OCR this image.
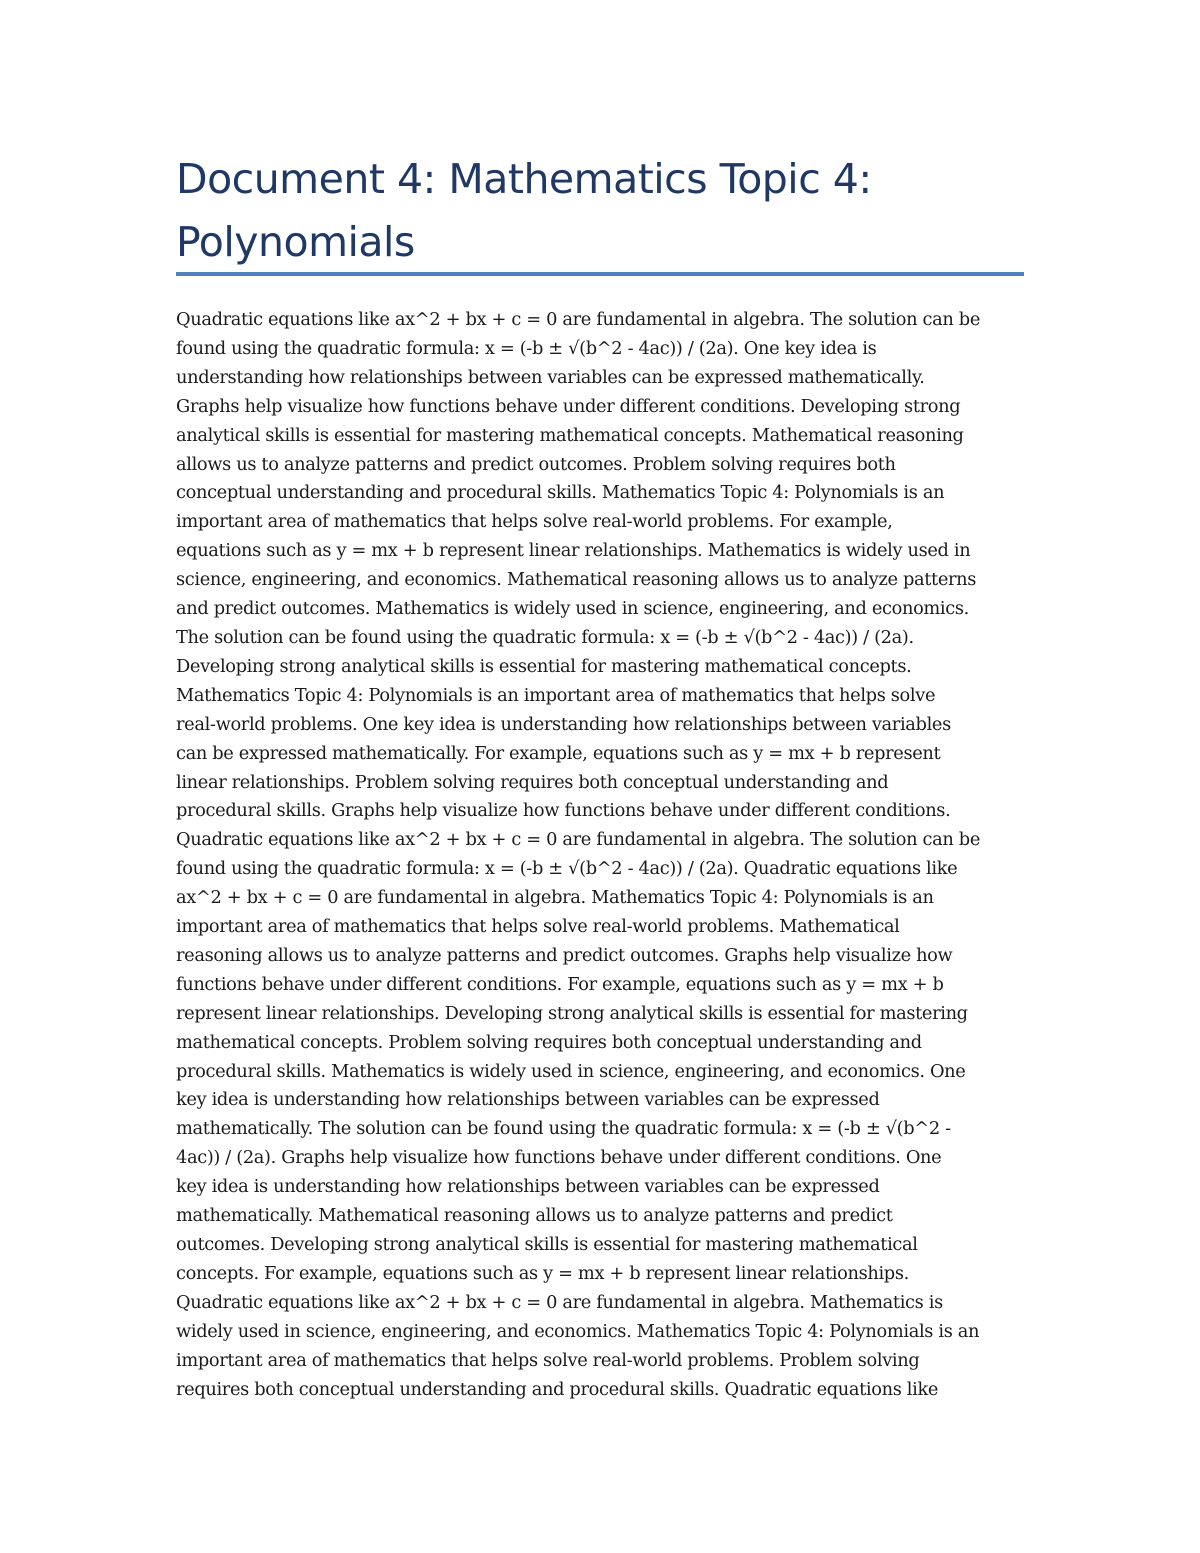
Document 4: Mathematics Topic 4:
Polynomials
Quadratic equations like ax^2 + bx + c = 0 are fundamental in algebra. The solution can be
found using the quadratic formula: x = (-b ± √(b^2 - 4ac)) / (2a). One key idea is
understanding how relationships between variables can be expressed mathematically.
Graphs help visualize how functions behave under different conditions. Developing strong
analytical skills is essential for mastering mathematical concepts. Mathematical reasoning
allows us to analyze patterns and predict outcomes. Problem solving requires both
conceptual understanding and procedural skills. Mathematics Topic 4: Polynomials is an
important area of mathematics that helps solve real-world problems. For example,
equations such as y = mx + b represent linear relationships. Mathematics is widely used in
science, engineering, and economics. Mathematical reasoning allows us to analyze patterns
and predict outcomes. Mathematics is widely used in science, engineering, and economics.
The solution can be found using the quadratic formula: x = (-b ± √(b^2 - 4ac)) / (2a).
Developing strong analytical skills is essential for mastering mathematical concepts.
Mathematics Topic 4: Polynomials is an important area of mathematics that helps solve
real-world problems. One key idea is understanding how relationships between variables
can be expressed mathematically. For example, equations such as y = mx + b represent
linear relationships. Problem solving requires both conceptual understanding and
procedural skills. Graphs help visualize how functions behave under different conditions.
Quadratic equations like ax^2 + bx + c = 0 are fundamental in algebra. The solution can be
found using the quadratic formula: x = (-b ± √(b^2 - 4ac)) / (2a). Quadratic equations like
ax^2 + bx + c = 0 are fundamental in algebra. Mathematics Topic 4: Polynomials is an
important area of mathematics that helps solve real-world problems. Mathematical
reasoning allows us to analyze patterns and predict outcomes. Graphs help visualize how
functions behave under different conditions. For example, equations such as y = mx + b
represent linear relationships. Developing strong analytical skills is essential for mastering
mathematical concepts. Problem solving requires both conceptual understanding and
procedural skills. Mathematics is widely used in science, engineering, and economics. One
key idea is understanding how relationships between variables can be expressed
mathematically. The solution can be found using the quadratic formula: x = (-b ± √(b^2 -
4ac)) / (2a). Graphs help visualize how functions behave under different conditions. One
key idea is understanding how relationships between variables can be expressed
mathematically. Mathematical reasoning allows us to analyze patterns and predict
outcomes. Developing strong analytical skills is essential for mastering mathematical
concepts. For example, equations such as y = mx + b represent linear relationships.
Quadratic equations like ax^2 + bx + c = 0 are fundamental in algebra. Mathematics is
widely used in science, engineering, and economics. Mathematics Topic 4: Polynomials is an
important area of mathematics that helps solve real-world problems. Problem solving
requires both conceptual understanding and procedural skills. Quadratic equations like
